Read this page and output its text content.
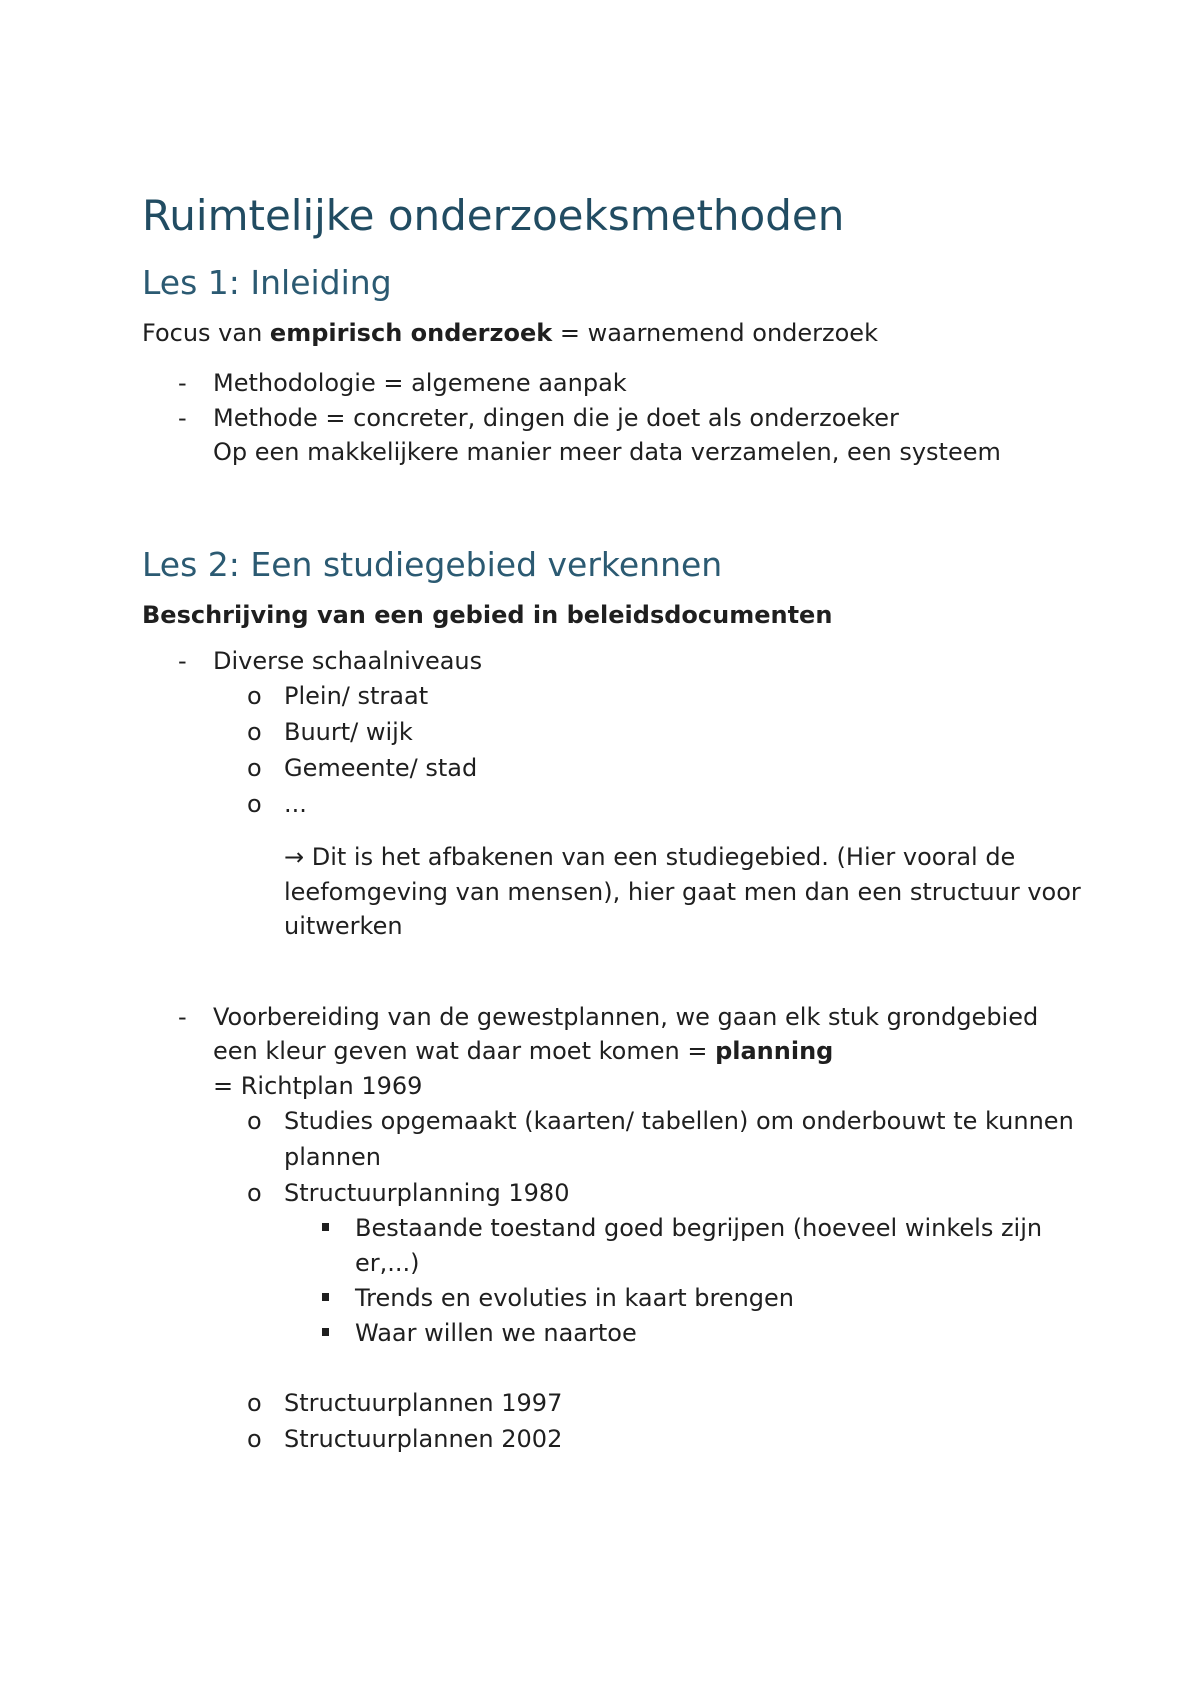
Ruimtelijke onderzoeksmethoden
Les 1: Inleiding

Focus van empirisch onderzoek = waarnemend onderzoek

- Methodologie = algemene aanpak
- Methode = concreter, dingen die je doet als onderzoeker
Op een makkelijkere manier meer data verzamelen, een systeem
Les 2: Een studiegebied verkennen

Beschrijving van een gebied in beleidsdocumenten

- Diverse schaalniveaus
o Plein/ straat
o Buurt/ wijk
o Gemeente/ stad
o ...
→ Dit is het afbakenen van een studiegebied. (Hier vooral de leefomgeving van mensen), hier gaat men dan een structuur voor uitwerken
- Voorbereiding van de gewestplannen, we gaan elk stuk grondgebied
een kleur geven wat daar moet komen = planning
= Richtplan 1969
o Studies opgemaakt (kaarten/ tabellen) om onderbouwt te kunnen plannen
o Structuurplanning 1980
Bestaande toestand goed begrijpen (hoeveel winkels zijn er,...)
Trends en evoluties in kaart brengen
Waar willen we naartoe
o Structuurplannen 1997
o Structuurplannen 2002
